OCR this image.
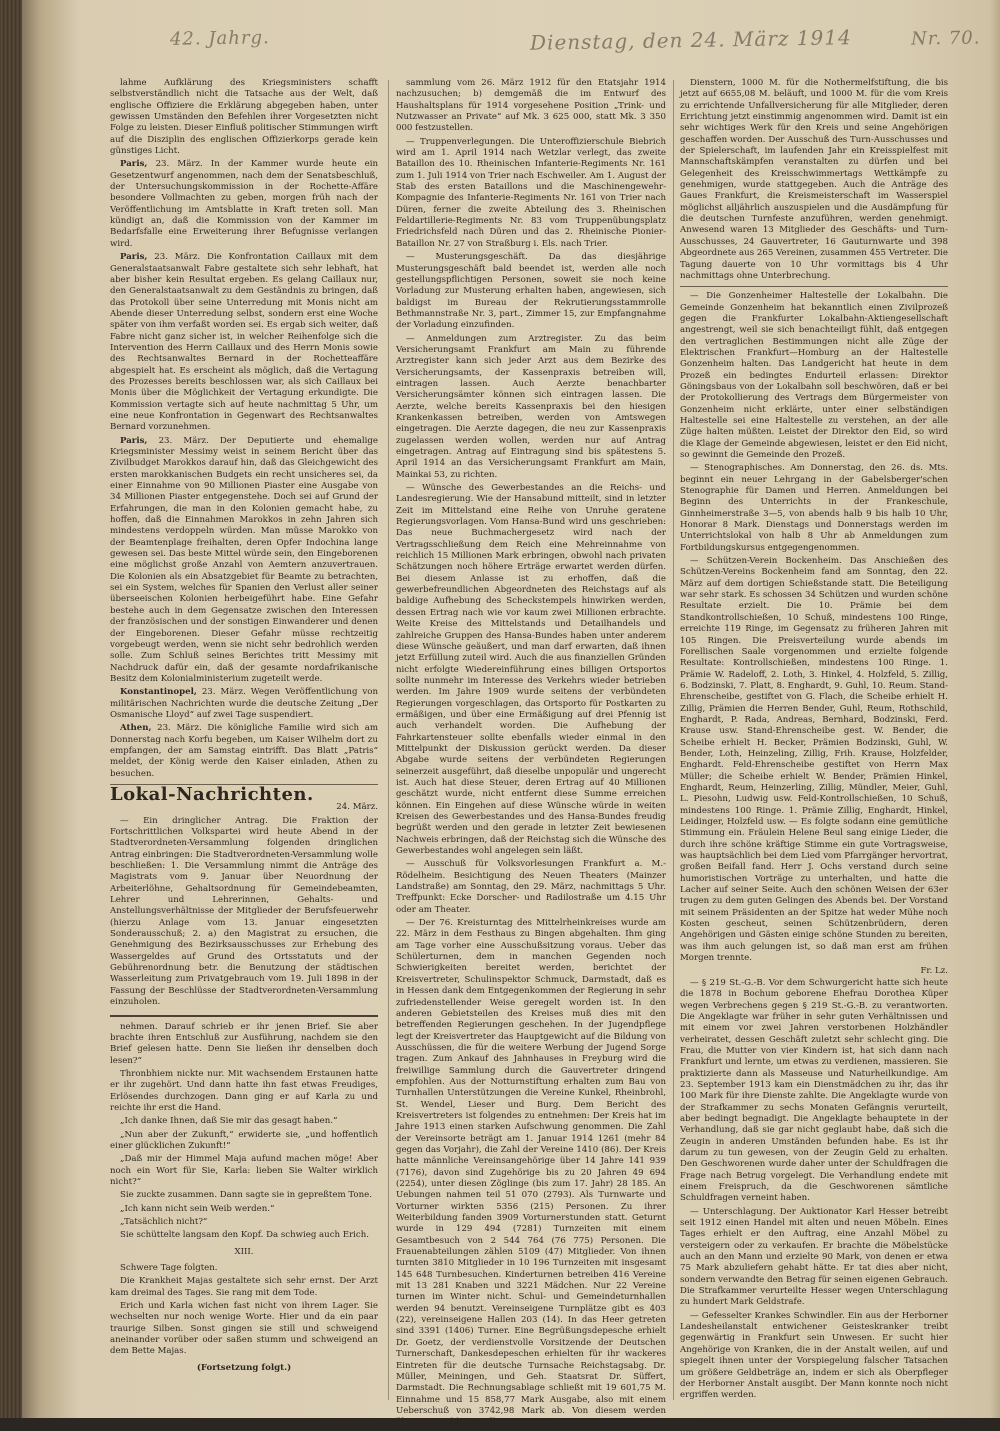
42. Jahrg.	Dienstag, den 24. März 1914	Nr. 70.

lahme Aufklärung des Kriegsministers schafft selbstverständlich nicht die Tatsache aus der Welt, daß englische Offiziere die Erklärung abgegeben haben, unter gewissen Umständen den Befehlen ihrer Vorgesetzten nicht Folge zu leisten. Dieser Einfluß politischer Stimmungen wirft auf die Disziplin des englischen Offizierkorps gerade kein günstiges Licht.

Paris, 23. März. In der Kammer wurde heute ein Gesetzentwurf angenommen, nach dem der Senatsbeschluß, der Untersuchungskommission in der Rochette-Affäre besondere Vollmachten zu geben, morgen früh nach der Veröffentlichung im Amtsblatte in Kraft treten soll. Man kündigt an, daß die Kommission von der Kammer im Bedarfsfalle eine Erweiterung ihrer Befugnisse verlangen wird.

Paris, 23. März. Die Konfrontation Caillaux mit dem Generalstaatsanwalt Fabre gestaltete sich sehr lebhaft, hat aber bisher kein Resultat ergeben. Es gelang Caillaux nur, den Generalstaatsanwalt zu dem Geständnis zu bringen, daß das Protokoll über seine Unterredung mit Monis nicht am Abende dieser Unterredung selbst, sondern erst eine Woche später von ihm verfaßt worden sei. Es ergab sich weiter, daß Fabre nicht ganz sicher ist, in welcher Reihenfolge sich die Intervention des Herrn Caillaux und des Herrn Monis sowie des Rechtsanwaltes Bernard in der Rochetteaffäre abgespielt hat. Es erscheint als möglich, daß die Vertagung des Prozesses bereits beschlossen war, als sich Caillaux bei Monis über die Möglichkeit der Vertagung erkundigte. Die Kommission vertagte sich auf heute nachmittag 5 Uhr, um eine neue Konfrontation in Gegenwart des Rechtsanwaltes Bernard vorzunehmen.

Paris, 23. März. Der Deputierte und ehemalige Kriegsminister Messimy weist in seinem Bericht über das Zivilbudget Marokkos darauf hin, daß das Gleichgewicht des ersten marokkanischen Budgets ein recht unsicheres sei, da einer Einnahme von 90 Millionen Piaster eine Ausgabe von 34 Millionen Piaster entgegenstehe. Doch sei auf Grund der Erfahrungen, die man in den Kolonien gemacht habe, zu hoffen, daß die Einnahmen Marokkos in zehn Jahren sich mindestens verdoppeln würden. Man müsse Marokko von der Beamtenplage freihalten, deren Opfer Indochina lange gewesen sei. Das beste Mittel würde sein, den Eingeborenen eine möglichst große Anzahl von Aemtern anzuvertrauen. Die Kolonien als ein Absatzgebiet für Beamte zu betrachten, sei ein System, welches für Spanien den Verlust aller seiner überseeischen Kolonien herbeigeführt habe. Eine Gefahr bestehe auch in dem Gegensatze zwischen den Interessen der französischen und der sonstigen Einwanderer und denen der Eingeborenen. Dieser Gefahr müsse rechtzeitig vorgebeugt werden, wenn sie nicht sehr bedrohlich werden solle. Zum Schluß seines Berichtes tritt Messimy mit Nachdruck dafür ein, daß der gesamte nordafrikanische Besitz dem Kolonialministerium zugeteilt werde.

Konstantinopel, 23. März. Wegen Veröffentlichung von militärischen Nachrichten wurde die deutsche Zeitung „Der Osmanische Lloyd“ auf zwei Tage suspendiert.

Athen, 23. März. Die königliche Familie wird sich am Donnerstag nach Korfu begeben, um Kaiser Wilhelm dort zu empfangen, der am Samstag eintrifft. Das Blatt „Patris“ meldet, der König werde den Kaiser einladen, Athen zu besuchen.

Lokal-Nachrichten.

24. März.

— Ein dringlicher Antrag. Die Fraktion der Fortschrittlichen Volkspartei wird heute Abend in der Stadtverordneten-Versammlung folgenden dringlichen Antrag einbringen: Die Stadtverordneten-Versammlung wolle beschließen: 1. Die Versammlung nimmt die Anträge des Magistrats vom 9. Januar über Neuordnung der Arbeiterlöhne, Gehaltsordnung für Gemeindebeamten, Lehrer und Lehrerinnen, Gehalts- und Anstellungsverhältnisse der Mitglieder der Berufsfeuerwehr (hierzu Anlage vom 13. Januar eingesetzten Sonderausschuß; 2. a) den Magistrat zu ersuchen, die Genehmigung des Bezirksausschusses zur Erhebung des Wassergeldes auf Grund des Ortsstatuts und der Gebührenordnung betr. die Benutzung der städtischen Wasserleitung zum Privatgebrauch vom 19. Juli 1898 in der Fassung der Beschlüsse der Stadtverordneten-Versammlung einzuholen.

nehmen. Darauf schrieb er ihr jenen Brief. Sie aber brachte ihren Entschluß zur Ausführung, nachdem sie den Brief gelesen hatte. Denn Sie ließen ihr denselben doch lesen?“

Thronbhiem nickte nur. Mit wachsendem Erstaunen hatte er ihr zugehört. Und dann hatte ihn fast etwas Freudiges, Erlösendes durchzogen. Dann ging er auf Karla zu und reichte ihr erst die Hand.

„Ich danke Ihnen, daß Sie mir das gesagt haben.“

„Nun aber der Zukunft,“ erwiderte sie, „und hoffentlich einer glücklichen Zukunft!“

„Daß mir der Himmel Maja aufund machen möge! Aber noch ein Wort für Sie, Karla: lieben Sie Walter wirklich nicht?“

Sie zuckte zusammen. Dann sagte sie in gepreßtem Tone.

„Ich kann nicht sein Weib werden.“

„Tatsächlich nicht?“

Sie schüttelte langsam den Kopf. Da schwieg auch Erich.

XIII.

Schwere Tage folgten.

Die Krankheit Majas gestaltete sich sehr ernst. Der Arzt kam dreimal des Tages. Sie rang mit dem Tode.

Erich und Karla wichen fast nicht von ihrem Lager. Sie wechselten nur noch wenige Worte. Hier und da ein paar traurige Silben. Sonst gingen sie still und schweigend aneinander vorüber oder saßen stumm und schweigend an dem Bette Majas.

(Fortsetzung folgt.)

sammlung vom 26. März 1912 für den Etatsjahr 1914 nachzusuchen; b) demgemäß die im Entwurf des Haushaltsplans für 1914 vorgesehene Position „Trink- und Nutzwasser an Private“ auf Mk. 3 625 000, statt Mk. 3 350 000 festzustellen.

— Truppenverlegungen. Die Unteroffizierschule Biebrich wird am 1. April 1914 nach Wetzlar verlegt, das zweite Bataillon des 10. Rheinischen Infanterie-Regiments Nr. 161 zum 1. Juli 1914 von Trier nach Eschweiler. Am 1. August der Stab des ersten Bataillons und die Maschinengewehr-Kompagnie des Infanterie-Regiments Nr. 161 von Trier nach Düren, ferner die zweite Abteilung des 3. Rheinischen Feldartillerie-Regiments Nr. 83 vom Truppenübungsplatz Friedrichsfeld nach Düren und das 2. Rheinische Pionier-Bataillon Nr. 27 von Straßburg i. Els. nach Trier.

— Musterungsgeschäft. Da das diesjährige Musterungsgeschäft bald beendet ist, werden alle noch gestellungspflichtigen Personen, soweit sie noch keine Vorladung zur Musterung erhalten haben, angewiesen, sich baldigst im Bureau der Rekrutierungsstammrolle Bethmannstraße Nr. 3, part., Zimmer 15, zur Empfangnahme der Vorladung einzufinden.

— Anmeldungen zum Arztregister. Zu das beim Versicherungsamt Frankfurt am Main zu führende Arztregister kann sich jeder Arzt aus dem Bezirke des Versicherungsamts, der Kassenpraxis betreiben will, eintragen lassen. Auch Aerzte benachbarter Versicherungsämter können sich eintragen lassen. Die Aerzte, welche bereits Kassenpraxis bei den hiesigen Krankenkassen betreiben, werden von Amtswegen eingetragen. Die Aerzte dagegen, die neu zur Kassenpraxis zugelassen werden wollen, werden nur auf Antrag eingetragen. Antrag auf Eintragung sind bis spätestens 5. April 1914 an das Versicherungsamt Frankfurt am Main, Mainkai 53, zu richten.

— Wünsche des Gewerbestandes an die Reichs- und Landesregierung. Wie der Hansabund mitteilt, sind in letzter Zeit im Mittelstand eine Reihe von Unruhe geratene Regierungsvorlagen. Vom Hansa-Bund wird uns geschrieben: Das neue Buchmachergesetz wird nach der Vertragsschließung dem Reich eine Mehreinnahme von reichlich 15 Millionen Mark erbringen, obwohl nach privaten Schätzungen noch höhere Erträge erwartet werden dürfen. Bei diesem Anlasse ist zu erhoffen, daß die gewerbefreundlichen Abgeordneten des Reichstags auf als baldige Aufhebung des Scheckstempels hinwirken werden, dessen Ertrag nach wie vor kaum zwei Millionen erbrachte. Weite Kreise des Mittelstands und Detailhandels und zahlreiche Gruppen des Hansa-Bundes haben unter anderem diese Wünsche geäußert, und man darf erwarten, daß ihnen jetzt Erfüllung zuteil wird. Auch die aus finanziellen Gründen nicht erfolgte Wiedereinführung eines billigen Ortsportos sollte nunmehr im Interesse des Verkehrs wieder betrieben werden. Im Jahre 1909 wurde seitens der verbündeten Regierungen vorgeschlagen, das Ortsporto für Postkarten zu ermäßigen, und über eine Ermäßigung auf drei Pfennig ist auch verhandelt worden. Die Aufhebung der Fahrkartensteuer sollte ebenfalls wieder einmal in den Mittelpunkt der Diskussion gerückt werden. Da dieser Abgabe wurde seitens der verbündeten Regierungen seinerzeit ausgeführt, daß dieselbe unpopulär und ungerecht ist. Auch hat diese Steuer, deren Ertrag auf 40 Millionen geschätzt wurde, nicht entfernt diese Summe erreichen können. Ein Eingehen auf diese Wünsche würde in weiten Kreisen des Gewerbestandes und des Hansa-Bundes freudig begrüßt werden und den gerade in letzter Zeit bewiesenen Nachweis erbringen, daß der Reichstag sich die Wünsche des Gewerbestandes wohl angelegen sein läßt.

— Ausschuß für Volksvorlesungen Frankfurt a. M.-Rödelheim. Besichtigung des Neuen Theaters (Mainzer Landstraße) am Sonntag, den 29. März, nachmittags 5 Uhr. Treffpunkt: Ecke Dorscher- und Radilostraße um 4.15 Uhr oder am Theater.

— Der 76. Kreisturntag des Mittelrheinkreises wurde am 22. März in dem Festhaus zu Bingen abgehalten. Ihm ging am Tage vorher eine Ausschußsitzung voraus. Ueber das Schülerturnen, dem in manchen Gegenden noch Schwierigkeiten bereitet werden, berichtet der Kreisvertreter, Schulinspektor Schmuck, Darmstadt, daß es in Hessen dank dem Entgegenkommen der Regierung in sehr zufriedenstellender Weise geregelt worden ist. In den anderen Gebietsteilen des Kreises muß dies mit den betreffenden Regierungen geschehen. In der Jugendpflege legt der Kreisvertreter das Hauptgewicht auf die Bildung von Ausschüssen, die für die weitere Werbung der Jugend Sorge tragen. Zum Ankauf des Jahnhauses in Freyburg wird die freiwillige Sammlung durch die Gauvertreter dringend empfohlen. Aus der Notturnstiftung erhalten zum Bau von Turnhallen Unterstützungen die Vereine Kunkel, Rheinbrohl, St. Wendel, Lieser und Burg. Dem Bericht des Kreisvertreters ist folgendes zu entnehmen: Der Kreis hat im Jahre 1913 einen starken Aufschwung genommen. Die Zahl der Vereinsorte beträgt am 1. Januar 1914 1261 (mehr 84 gegen das Vorjahr), die Zahl der Vereine 1410 (86). Der Kreis hatte männliche Vereinsangehörige über 14 Jahre 141 939 (7176), davon sind Zugehörige bis zu 20 Jahren 49 694 (2254), unter diesen Zöglinge (bis zum 17. Jahr) 28 185. An Uebungen nahmen teil 51 070 (2793). Als Turnwarte und Vorturner wirkten 5356 (215) Personen. Zu ihrer Weiterbildung fanden 3909 Vorturnerstunden statt. Geturnt wurde in 129 494 (7281) Turnzeiten mit einem Gesamtbesuch von 2 544 764 (76 775) Personen. Die Frauenabteilungen zählen 5109 (47) Mitglieder. Von ihnen turnten 3810 Mitglieder in 10 196 Turnzeiten mit insgesamt 145 648 Turnbesuchen. Kinderturnen betreiben 416 Vereine mit 13 281 Knaben und 3221 Mädchen. Nur 22 Vereine turnen im Winter nicht. Schul- und Gemeindeturnhallen werden 94 benutzt. Vereinseigene Turnplätze gibt es 403 (22), vereinseigene Hallen 203 (14). In das Heer getreten sind 3391 (1406) Turner. Eine Begrüßungsdepesche erhielt Dr. Goetz, der verdienstvolle Vorsitzende der Deutschen Turnerschaft, Dankesdepeschen erhielten für ihr wackeres Eintreten für die deutsche Turnsache Reichstagsabg. Dr. Müller, Meiningen, und Geh. Staatsrat Dr. Süffert, Darmstadt. Die Rechnungsablage schließt mit 19 601,75 M. Einnahme und 15 858,77 Mark Ausgabe, also mit einem Ueberschuß von 3742,98 Mark ab. Von diesem werden überwiesen 1150 M. für

Dienstern, 1000 M. für die Nothermelfstiftung, die bis jetzt auf 6655,08 M. beläuft, und 1000 M. für die vom Kreis zu errichtende Unfallversicherung für alle Mitglieder, deren Errichtung jetzt einstimmig angenommen wird. Damit ist ein sehr wichtiges Werk für den Kreis und seine Angehörigen geschaffen worden. Der Ausschuß des Turn-Ausschusses und der Spielerschaft, im laufenden Jahr ein Kreisspielfest mit Mannschaftskämpfen veranstalten zu dürfen und bei Gelegenheit des Kreisschwimmertags Wettkämpfe zu genehmigen, wurde stattgegeben. Auch die Anträge des Gaues Frankfurt, die Kreismeisterschaft im Wasserspiel möglichst alljährlich auszuspielen und die Ausdämpfung für die deutschen Turnfeste anzuführen, werden genehmigt. Anwesend waren 13 Mitglieder des Geschäfts- und Turn-Ausschusses, 24 Gauvertreter, 16 Gauturnwarte und 398 Abgeordnete aus 265 Vereinen, zusammen 455 Vertreter. Die Tagung dauerte von 10 Uhr vormittags bis 4 Uhr nachmittags ohne Unterbrechung.

— Die Gonzenheimer Haltestelle der Lokalbahn. Die Gemeinde Gonzenheim hat bekanntlich einen Zivilprozeß gegen die Frankfurter Lokalbahn-Aktiengesellschaft angestrengt, weil sie sich benachteiligt fühlt, daß entgegen den vertraglichen Bestimmungen nicht alle Züge der Elektrischen Frankfurt—Homburg an der Haltestelle Gonzenheim halten. Das Landgericht hat heute in dem Prozeß ein bedingtes Endurteil erlassen: Direktor Göningsbaus von der Lokalbahn soll beschwören, daß er bei der Protokollierung des Vertrags dem Bürgermeister von Gonzenheim nicht erklärte, unter einer selbständigen Haltestelle sei eine Haltestelle zu verstehen, an der alle Züge halten müßten. Leistet der Direktor den Eid, so wird die Klage der Gemeinde abgewiesen, leistet er den Eid nicht, so gewinnt die Gemeinde den Prozeß.

— Stenographisches. Am Donnerstag, den 26. ds. Mts. beginnt ein neuer Lehrgang in der Gabelsberger'schen Stenographie für Damen und Herren. Anmeldungen bei Beginn des Unterrichts in der Frankeschule, Ginnheimerstraße 3—5, von abends halb 9 bis halb 10 Uhr, Honorar 8 Mark. Dienstags und Donnerstags werden im Unterrichtslokal von halb 8 Uhr ab Anmeldungen zum Fortbildungskursus entgegengenommen.

— Schützen-Verein Bockenheim. Das Anschießen des Schützen-Vereins Bockenheim fand am Sonntag, den 22. März auf dem dortigen Schießstande statt. Die Beteiligung war sehr stark. Es schossen 34 Schützen und wurden schöne Resultate erzielt. Die 10. Prämie bei dem Standkontrollschießen, 10 Schuß, mindestens 100 Ringe, erreichte 119 Ringe, im Gegensatz zu früheren Jahren mit 105 Ringen. Die Preisverteilung wurde abends im Forellischen Saale vorgenommen und erzielte folgende Resultate: Kontrollschießen, mindestens 100 Ringe. 1. Prämie W. Radeloff, 2. Loth, 3. Hinkel, 4. Holzfeld, 5. Zillig, 6. Bodzinski, 7. Platt, 8. Enghardt, 9. Guhl, 10. Reum. Stand-Ehrenscheibe, gestiftet von G. Flach, die Scheibe erhielt H. Zillig, Prämien die Herren Bender, Guhl, Reum, Rothschild, Enghardt, P. Rada, Andreas, Bernhard, Bodzinski, Ferd. Krause usw. Stand-Ehrenscheibe gest. W. Bender, die Scheibe erhielt H. Becker, Prämien Bodzinski, Guhl, W. Bender, Loth, Heinzeling, Zillig, Frih. Krause, Holzfelder, Enghardt. Feld-Ehrenscheibe gestiftet von Herrn Max Müller; die Scheibe erhielt W. Bender, Prämien Hinkel, Enghardt, Reum, Heinzerling, Zillig, Mündler, Meier, Guhl, L. Piesohn, Ludwig usw. Feld-Kontrollschießen, 10 Schuß, mindestens 100 Ringe. 1. Prämie Zillig, Enghardt, Hinkel, Leidinger, Holzfeld usw. — Es folgte sodann eine gemütliche Stimmung ein. Fräulein Helene Beul sang einige Lieder, die durch ihre schöne kräftige Stimme ein gute Vortragsweise, was hauptsächlich bei dem Lied vom Pfarrgänger hervortrat, großen Beifall fand. Herr J. Ochs verstand durch seine humoristischen Vorträge zu unterhalten, und hatte die Lacher auf seiner Seite. Auch den schönen Weisen der 63er trugen zu dem guten Gelingen des Abends bei. Der Vorstand mit seinem Präsidenten an der Spitze hat weder Mühe noch Kosten gescheut, seinen Schützenbrüdern, deren Angehörigen und Gästen einige schöne Stunden zu bereiten, was ihm auch gelungen ist, so daß man erst am frühen Morgen trennte.

Fr. Lz.

— § 219 St.-G.-B. Vor dem Schwurgericht hatte sich heute die 1878 in Bochum geborene Ehefrau Dorothea Küper wegen Verbrechens gegen § 219 St.-G.-B. zu verantworten. Die Angeklagte war früher in sehr guten Verhältnissen und mit einem vor zwei Jahren verstorbenen Holzhändler verheiratet, dessen Geschäft zuletzt sehr schlecht ging. Die Frau, die Mutter von vier Kindern ist, hat sich dann nach Frankfurt und lernte, um etwas zu verdienen, massieren. Sie praktizierte dann als Masseuse und Naturheilkundige. Am 23. September 1913 kam ein Dienstmädchen zu ihr, das ihr 100 Mark für ihre Dienste zahlte. Die Angeklagte wurde von der Strafkammer zu sechs Monaten Gefängnis verurteilt, aber bedingt begnadigt. Die Angeklagte behauptete in der Verhandlung, daß sie gar nicht geglaubt habe, daß sich die Zeugin in anderen Umständen befunden habe. Es ist ihr darum zu tun gewesen, von der Zeugin Geld zu erhalten. Den Geschworenen wurde daher unter der Schuldfragen die Frage nach Betrug vorgelegt. Die Verhandlung endete mit einem Freispruch, da die Geschworenen sämtliche Schuldfragen verneint haben.

— Unterschlagung. Der Auktionator Karl Hesser betreibt seit 1912 einen Handel mit alten und neuen Möbeln. Eines Tages erhielt er den Auftrag, eine Anzahl Möbel zu versteigern oder zu verkaufen. Er brachte die Möbelstücke auch an den Mann und erzielte 90 Mark, von denen er etwa 75 Mark abzuliefern gehabt hätte. Er tat dies aber nicht, sondern verwandte den Betrag für seinen eigenen Gebrauch. Die Strafkammer verurteilte Hesser wegen Unterschlagung zu hundert Mark Geldstrafe.

— Gefesselter Krankes Schwindler. Ein aus der Herborner Landesheilanstalt entwichener Geisteskranker treibt gegenwärtig in Frankfurt sein Unwesen. Er sucht hier Angehörige von Kranken, die in der Anstalt weilen, auf und spiegelt ihnen unter der Vorspiegelung falscher Tatsachen um größere Geldbeträge an, indem er sich als Oberpfleger der Herborner Anstalt ausgibt. Der Mann konnte noch nicht ergriffen werden.
